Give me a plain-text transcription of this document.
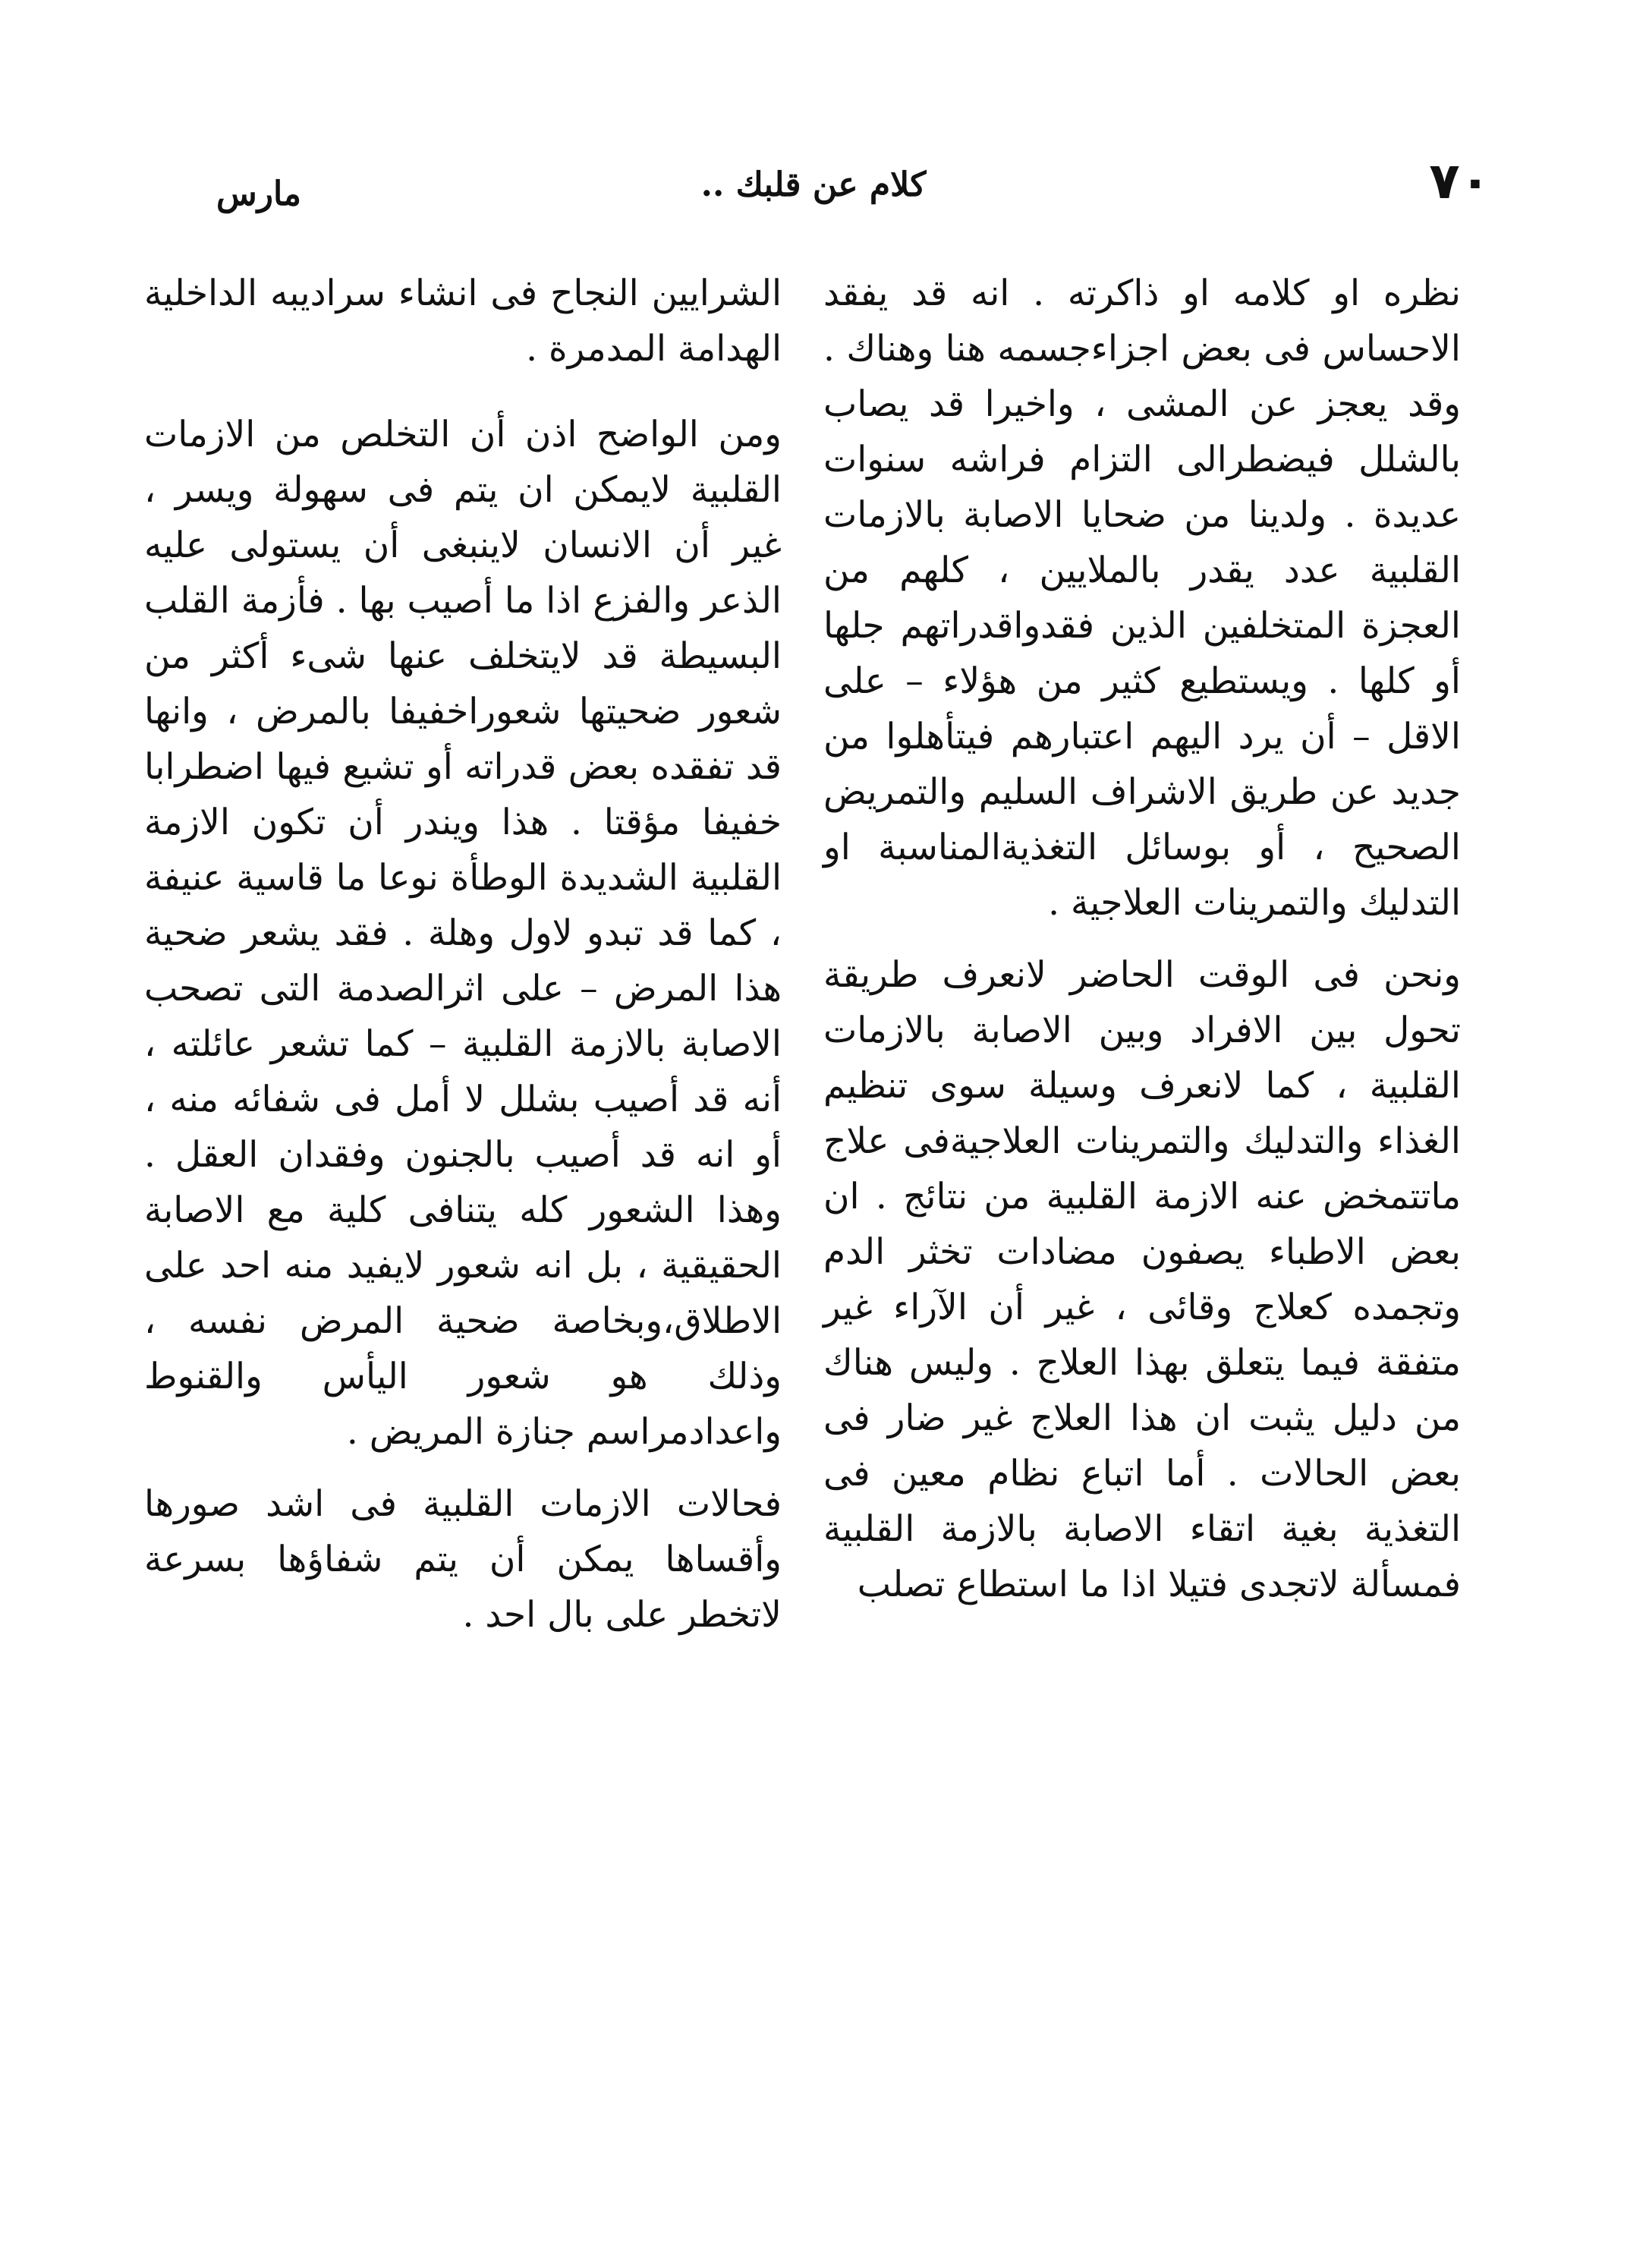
٧٠
كلام عن قلبك ..
مارس

نظره او كلامه او ذاكرته . انه قد يفقد الاحساس فى بعض اجزاءجسمه هنا وهناك . وقد يعجز عن المشى ، واخيرا قد يصاب بالشلل فيضطرالى التزام فراشه سنوات عديدة . ولدينا من ضحايا الاصابة بالازمات القلبية عدد يقدر بالملايين ، كلهم من العجزة المتخلفين الذين فقدواقدراتهم جلها أو كلها . ويستطيع كثير من هؤلاء – على الاقل – أن يرد اليهم اعتبارهم فيتأهلوا من جديد عن طريق الاشراف السليم والتمريض الصحيح ، أو بوسائل التغذيةالمناسبة او التدليك والتمرينات العلاجية .

ونحن فى الوقت الحاضر لانعرف طريقة تحول بين الافراد وبين الاصابة بالازمات القلبية ، كما لانعرف وسيلة سوى تنظيم الغذاء والتدليك والتمرينات العلاجيةفى علاج ماتتمخض عنه الازمة القلبية من نتائج . ان بعض الاطباء يصفون مضادات تخثر الدم وتجمده كعلاج وقائى ، غير أن الآراء غير متفقة فيما يتعلق بهذا العلاج . وليس هناك من دليل يثبت ان هذا العلاج غير ضار فى بعض الحالات . أما اتباع نظام معين فى التغذية بغية اتقاء الاصابة بالازمة القلبية فمسألة لاتجدى فتيلا اذا ما استطاع تصلب

الشرايين النجاح فى انشاء سراديبه الداخلية الهدامة المدمرة .

ومن الواضح اذن أن التخلص من الازمات القلبية لايمكن ان يتم فى سهولة ويسر ، غير أن الانسان لاينبغى أن يستولى عليه الذعر والفزع اذا ما أصيب بها . فأزمة القلب البسيطة قد لايتخلف عنها شىء أكثر من شعور ضحيتها شعوراخفيفا بالمرض ، وانها قد تفقده بعض قدراته أو تشيع فيها اضطرابا خفيفا مؤقتا . هذا ويندر أن تكون الازمة القلبية الشديدة الوطأة نوعا ما قاسية عنيفة ، كما قد تبدو لاول وهلة . فقد يشعر ضحية هذا المرض – على اثرالصدمة التى تصحب الاصابة بالازمة القلبية – كما تشعر عائلته ، أنه قد أصيب بشلل لا أمل فى شفائه منه ، أو انه قد أصيب بالجنون وفقدان العقل . وهذا الشعور كله يتنافى كلية مع الاصابة الحقيقية ، بل انه شعور لايفيد منه احد على الاطلاق،وبخاصة ضحية المرض نفسه ، وذلك هو شعور اليأس والقنوط واعدادمراسم جنازة المريض .

فحالات الازمات القلبية فى اشد صورها وأقساها يمكن أن يتم شفاؤها بسرعة لاتخطر على بال احد .
